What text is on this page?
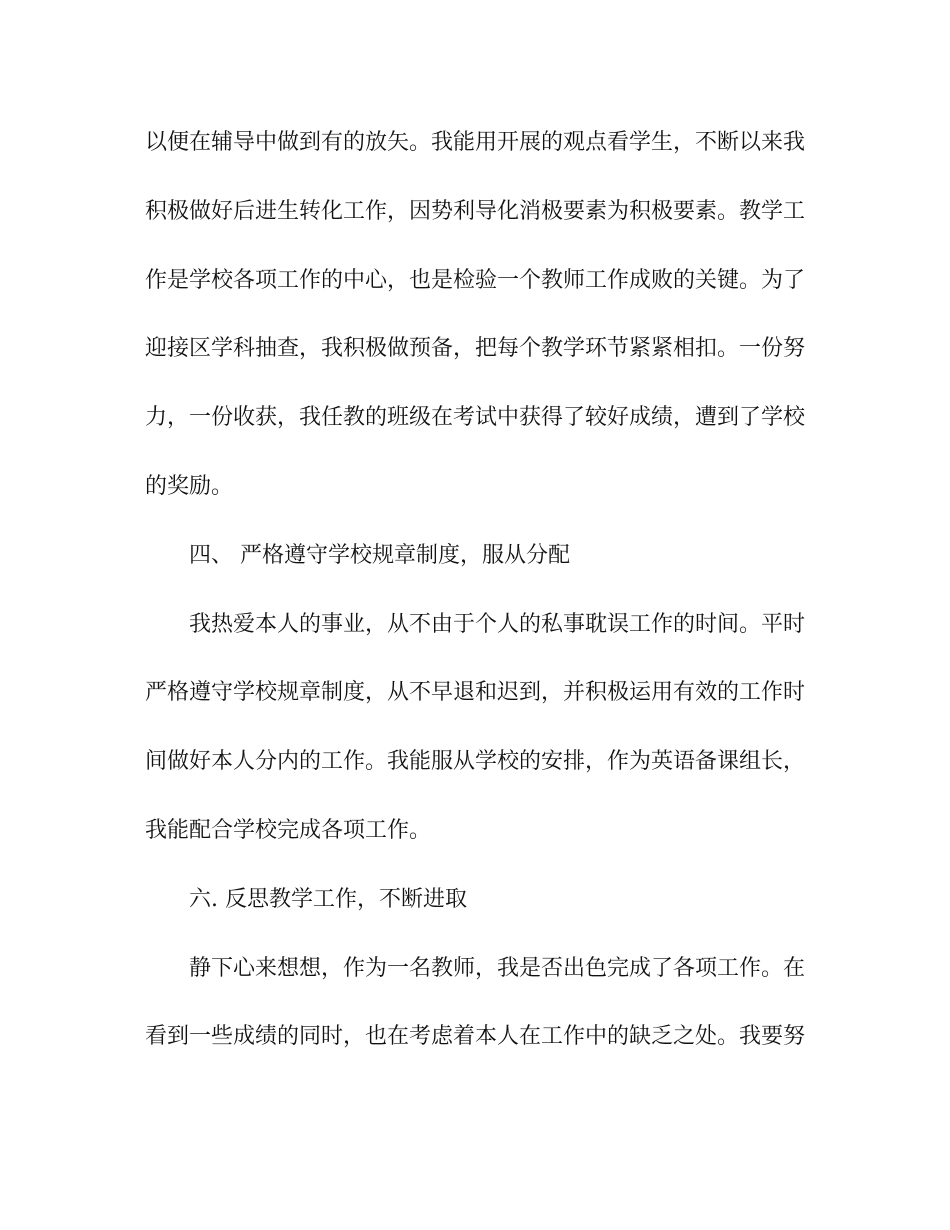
以便在辅导中做到有的放矢。我能用开展的观点看学生，不断以来我
积极做好后进生转化工作，因势利导化消极要素为积极要素。教学工
作是学校各项工作的中心，也是检验一个教师工作成败的关键。为了
迎接区学科抽查，我积极做预备，把每个教学环节紧紧相扣。一份努
力，一份收获，我任教的班级在考试中获得了较好成绩，遭到了学校
的奖励。
四、 严格遵守学校规章制度，服从分配
我热爱本人的事业，从不由于个人的私事耽误工作的时间。平时
严格遵守学校规章制度，从不早退和迟到，并积极运用有效的工作时
间做好本人分内的工作。我能服从学校的安排，作为英语备课组长，
我能配合学校完成各项工作。
六. 反思教学工作，不断进取
静下心来想想，作为一名教师，我是否出色完成了各项工作。在
看到一些成绩的同时，也在考虑着本人在工作中的缺乏之处。我要努
